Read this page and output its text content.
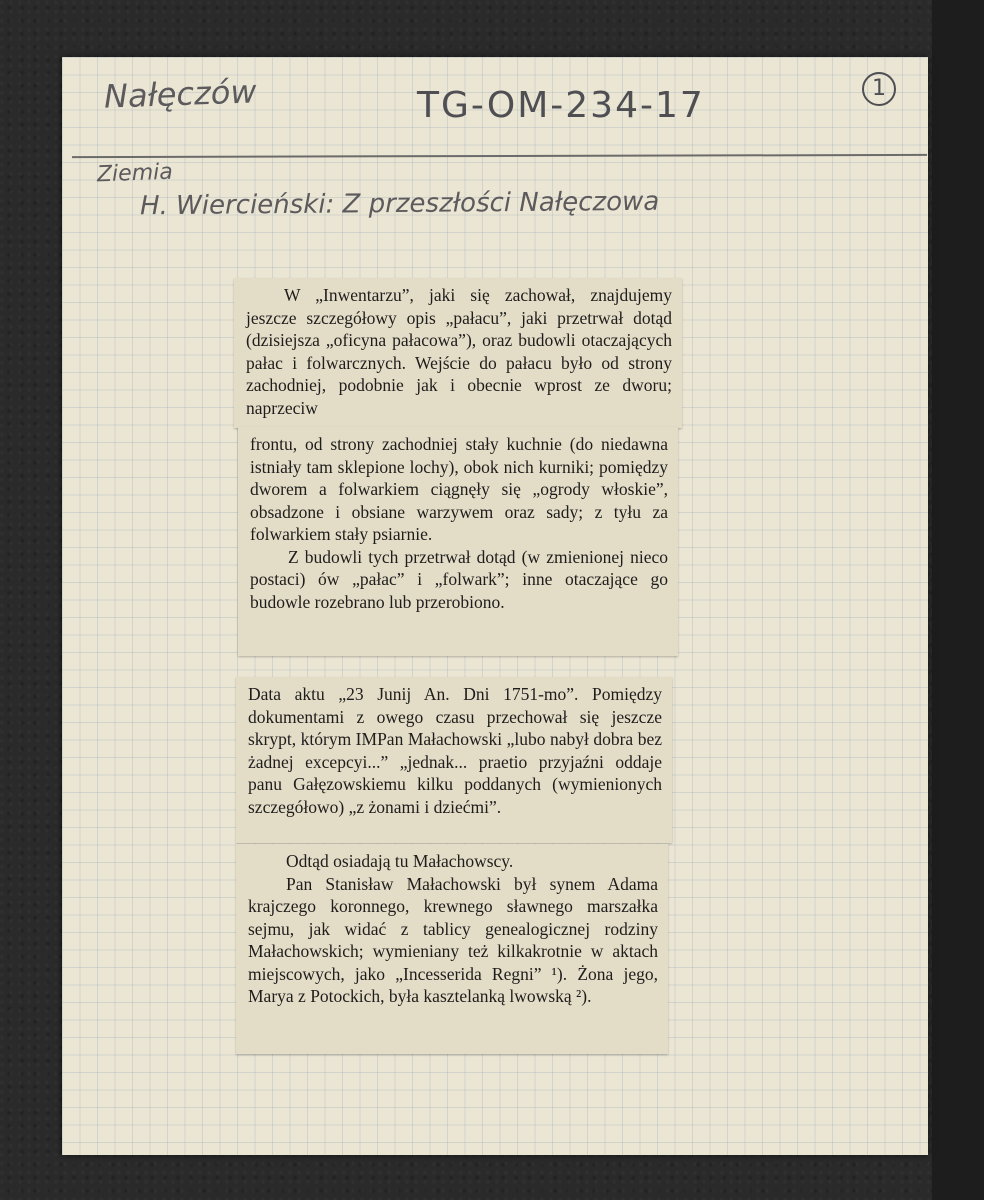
Nałęczów	TG-OM-234-17	1
Ziemia
H. Wiercieński: Z przeszłości Nałęczowa

W „Inwentarzu”, jaki się zachował, znajdujemy jeszcze szczegółowy opis „pałacu”, jaki przetrwał dotąd (dzisiejsza „oficyna pałacowa”), oraz budowli otaczających pałac i folwarcznych. Wejście do pałacu było od strony zachodniej, podobnie jak i obecnie wprost ze dworu; naprzeciw

frontu, od strony zachodniej stały kuchnie (do niedawna istniały tam sklepione lochy), obok nich kurniki; pomiędzy dworem a folwarkiem ciągnęły się „ogrody włoskie”, obsadzone i obsiane warzywem oraz sady; z tyłu za folwarkiem stały psiarnie.

Z budowli tych przetrwał dotąd (w zmienionej nieco postaci) ów „pałac” i „folwark”; inne otaczające go budowle rozebrano lub przerobiono.

Data aktu „23 Junij An. Dni 1751-mo”. Pomiędzy dokumentami z owego czasu przechował się jeszcze skrypt, którym IMPan Małachowski „lubo nabył dobra bez żadnej excepcyi...” „jednak... praetio przyjaźni oddaje panu Gałęzowskiemu kilku poddanych (wymienionych szczegółowo) „z żonami i dziećmi”.

Odtąd osiadają tu Małachowscy.

Pan Stanisław Małachowski był synem Adama krajczego koronnego, krewnego sławnego marszałka sejmu, jak widać z tablicy genealogicznej rodziny Małachowskich; wymieniany też kilkakrotnie w aktach miejscowych, jako „Incesserida Regni” ¹). Żona jego, Marya z Potockich, była kasztelanką lwowską ²).
